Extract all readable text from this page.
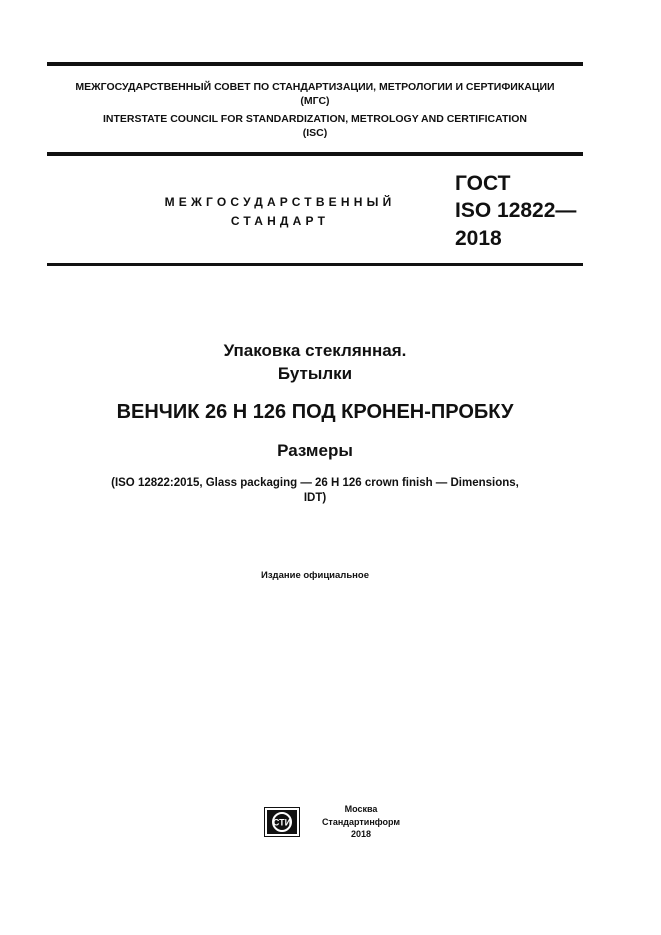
МЕЖГОСУДАРСТВЕННЫЙ СОВЕТ ПО СТАНДАРТИЗАЦИИ, МЕТРОЛОГИИ И СЕРТИФИКАЦИИ
(МГС)
INTERSTATE COUNCIL FOR STANDARDIZATION, METROLOGY AND CERTIFICATION
(ISC)
МЕЖГОСУДАРСТВЕННЫЙ
СТАНДАРТ
ГОСТ
ISO 12822—
2018
Упаковка стеклянная.
Бутылки
ВЕНЧИК 26 Н 126 ПОД КРОНЕН-ПРОБКУ
Размеры
(ISO 12822:2015, Glass packaging — 26 H 126 crown finish — Dimensions,
IDT)
Издание официальное
СТИ
Москва
Стандартинформ
2018
